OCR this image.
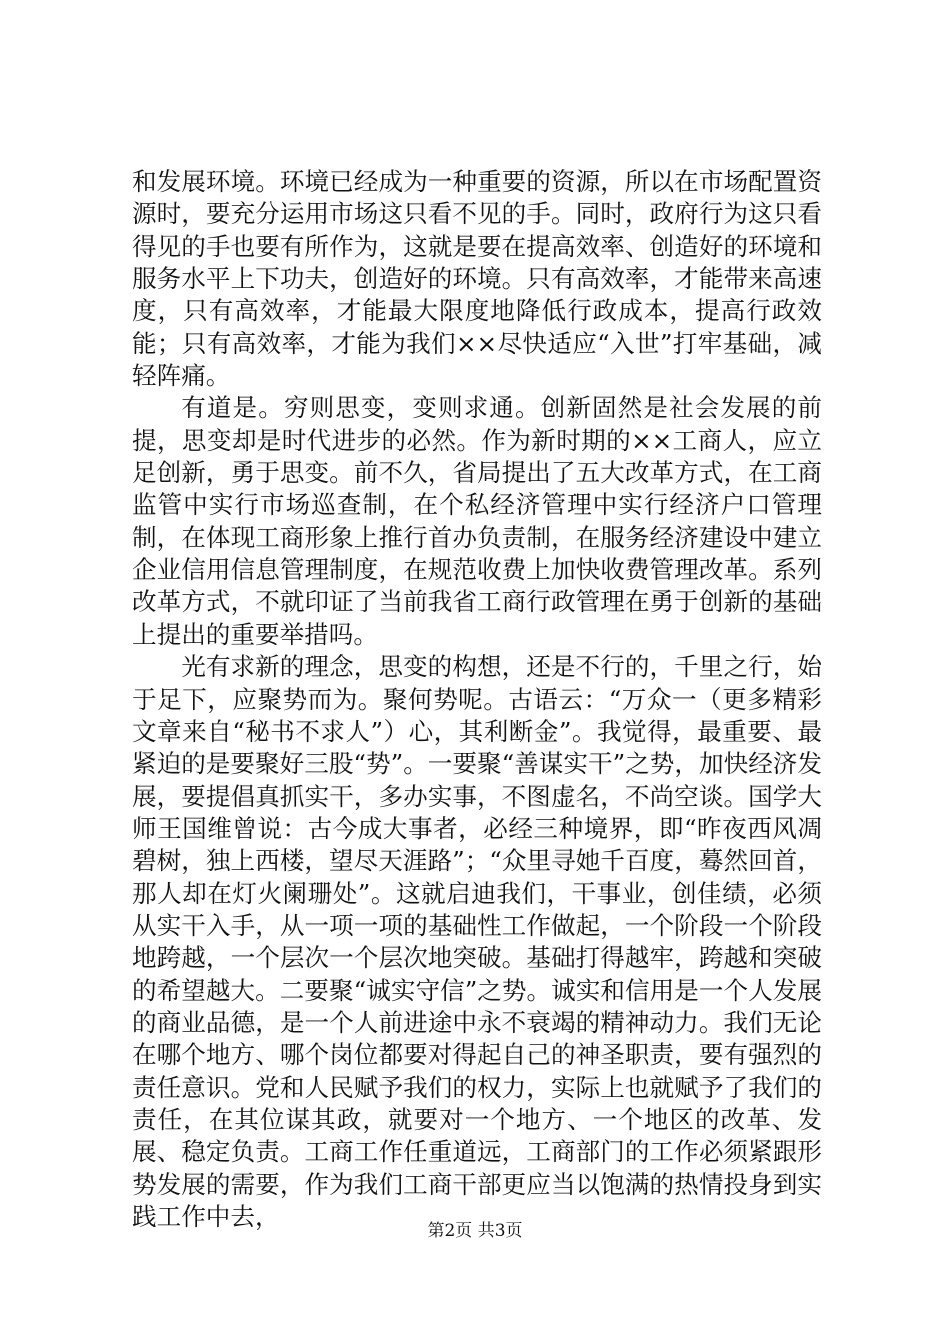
和发展环境。环境已经成为一种重要的资源，所以在市场配置资源时，要充分运用市场这只看不见的手。同时，政府行为这只看得见的手也要有所作为，这就是要在提高效率、创造好的环境和服务水平上下功夫，创造好的环境。只有高效率，才能带来高速度，只有高效率，才能最大限度地降低行政成本，提高行政效能；只有高效率，才能为我们××尽快适应“入世”打牢基础，减轻阵痛。

有道是。穷则思变，变则求通。创新固然是社会发展的前提，思变却是时代进步的必然。作为新时期的××工商人，应立足创新，勇于思变。前不久，省局提出了五大改革方式，在工商监管中实行市场巡查制，在个私经济管理中实行经济户口管理制，在体现工商形象上推行首办负责制，在服务经济建设中建立企业信用信息管理制度，在规范收费上加快收费管理改革。系列改革方式，不就印证了当前我省工商行政管理在勇于创新的基础上提出的重要举措吗。

光有求新的理念，思变的构想，还是不行的，千里之行，始于足下，应聚势而为。聚何势呢。古语云：“万众一（更多精彩文章来自“秘书不求人”）心，其利断金”。我觉得，最重要、最紧迫的是要聚好三股“势”。一要聚“善谋实干”之势，加快经济发展，要提倡真抓实干，多办实事，不图虚名，不尚空谈。国学大师王国维曾说：古今成大事者，必经三种境界，即“昨夜西风凋碧树，独上西楼，望尽天涯路”；“众里寻她千百度，蓦然回首，那人却在灯火阑珊处”。这就启迪我们，干事业，创佳绩，必须从实干入手，从一项一项的基础性工作做起，一个阶段一个阶段地跨越，一个层次一个层次地突破。基础打得越牢，跨越和突破的希望越大。二要聚“诚实守信”之势。诚实和信用是一个人发展的商业品德，是一个人前进途中永不衰竭的精神动力。我们无论在哪个地方、哪个岗位都要对得起自己的神圣职责，要有强烈的责任意识。党和人民赋予我们的权力，实际上也就赋予了我们的责任，在其位谋其政，就要对一个地方、一个地区的改革、发展、稳定负责。工商工作任重道远，工商部门的工作必须紧跟形势发展的需要，作为我们工商干部更应当以饱满的热情投身到实践工作中去，	第2页 共3页
